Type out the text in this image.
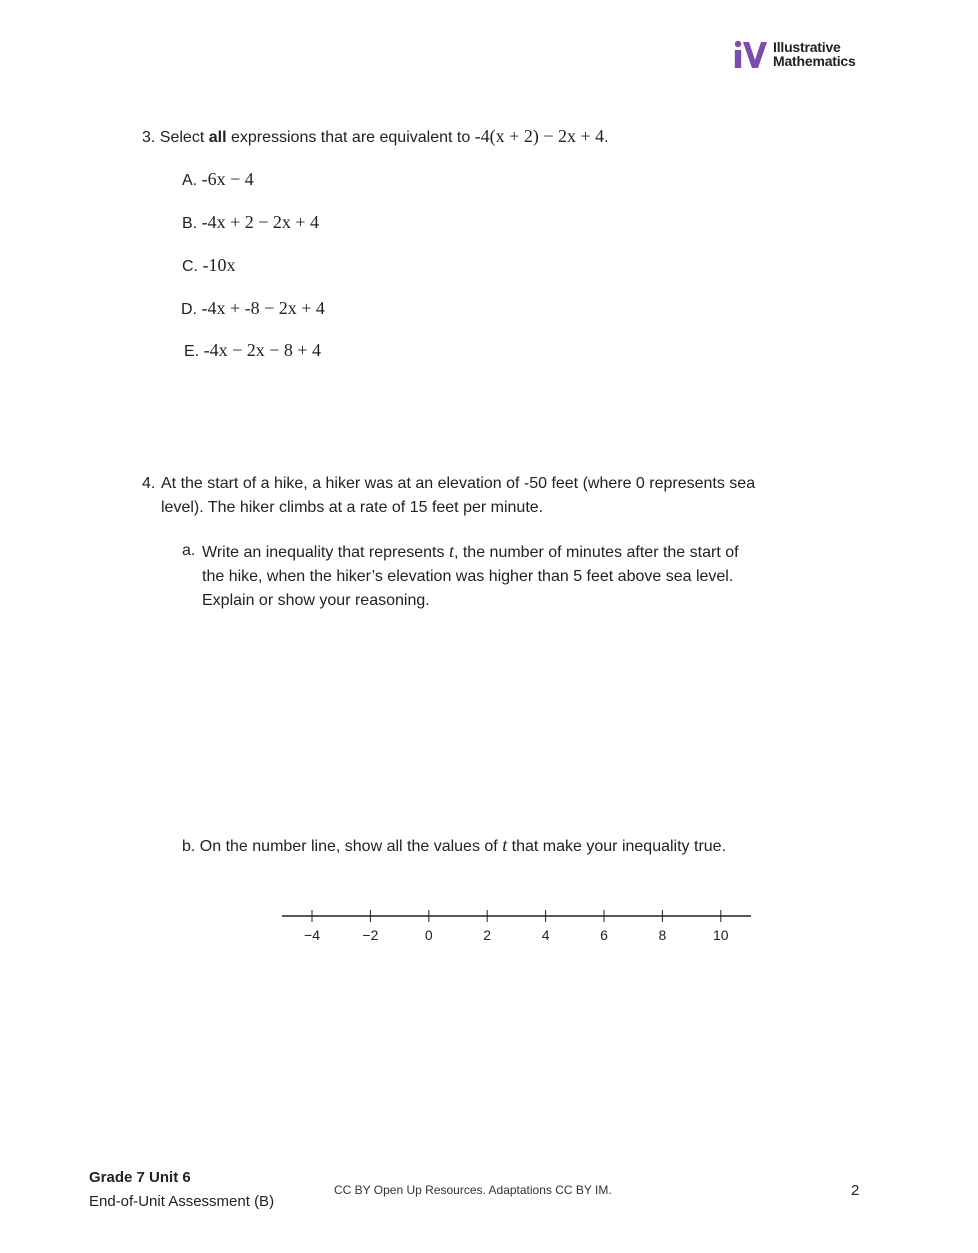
Illustrative
Mathematics
3. Select all expressions that are equivalent to -4(x + 2) − 2x + 4.
A. -6x − 4
B. -4x + 2 − 2x + 4
C. -10x
D. -4x + -8 − 2x + 4
E. -4x − 2x − 8 + 4
4. At the start of a hike, a hiker was at an elevation of -50 feet (where 0 represents sea
level). The hiker climbs at a rate of 15 feet per minute.
a. Write an inequality that represents t, the number of minutes after the start of
the hike, when the hiker’s elevation was higher than 5 feet above sea level.
Explain or show your reasoning.
b. On the number line, show all the values of t that make your inequality true.
−4	−2	0	2	4	6	8	10
Grade 7 Unit 6
End-of-Unit Assessment (B)
CC BY Open Up Resources. Adaptations CC BY IM.	2
